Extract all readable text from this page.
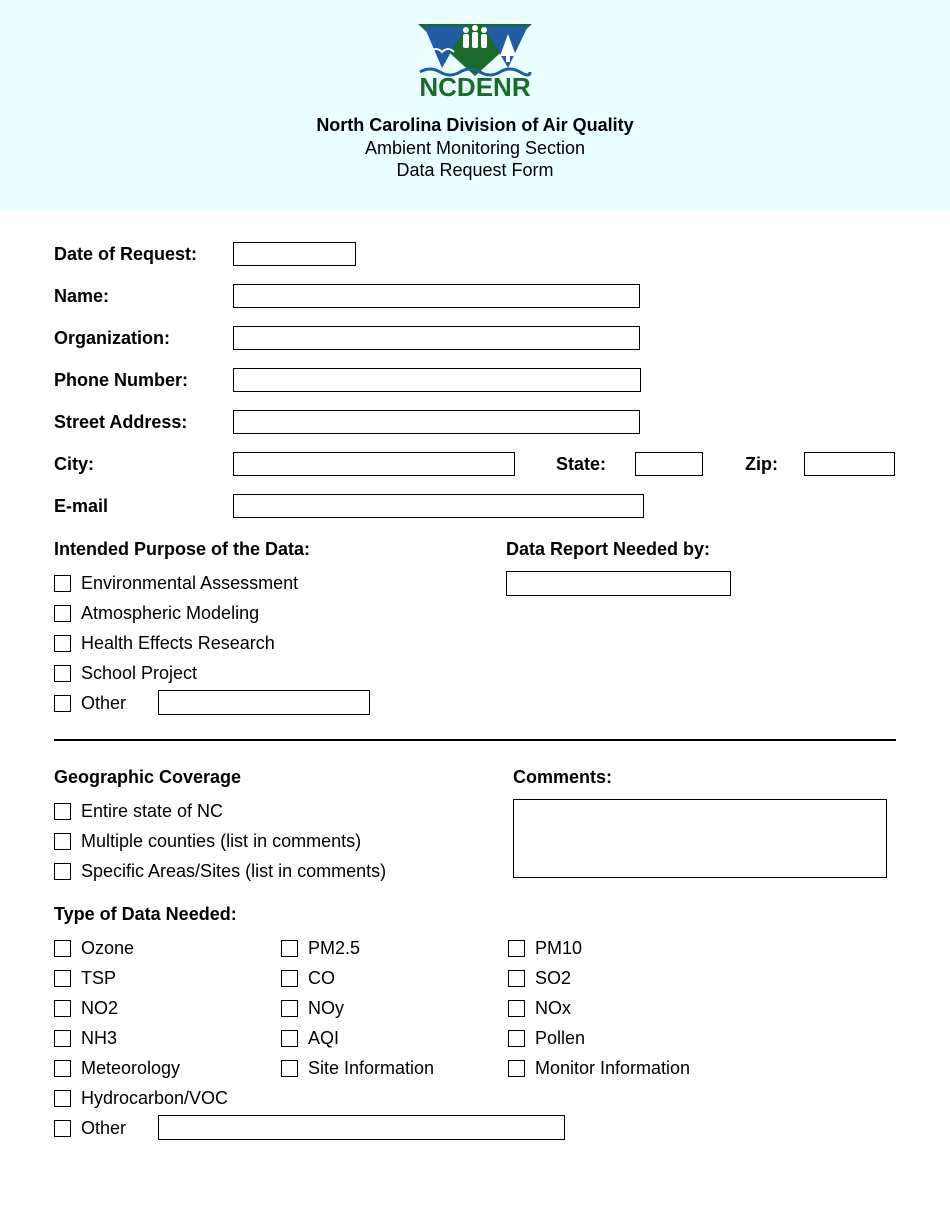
NCDENR
North Carolina Division of Air Quality
Ambient Monitoring Section
Data Request Form
Date of Request:
Name:
Organization:
Phone Number:
Street Address:
City:	State:	Zip:
E-mail
Intended Purpose of the Data:
Environmental Assessment
Atmospheric Modeling
Health Effects Research
School Project
Other
Data Report Needed by:
Geographic Coverage
Entire state of NC
Multiple counties (list in comments)
Specific Areas/Sites (list in comments)
Comments:
Type of Data Needed:
Ozone
TSP
NO2
NH3
Meteorology
Hydrocarbon/VOC
Other
PM2.5
CO
NOy
AQI
Site Information
PM10
SO2
NOx
Pollen
Monitor Information
